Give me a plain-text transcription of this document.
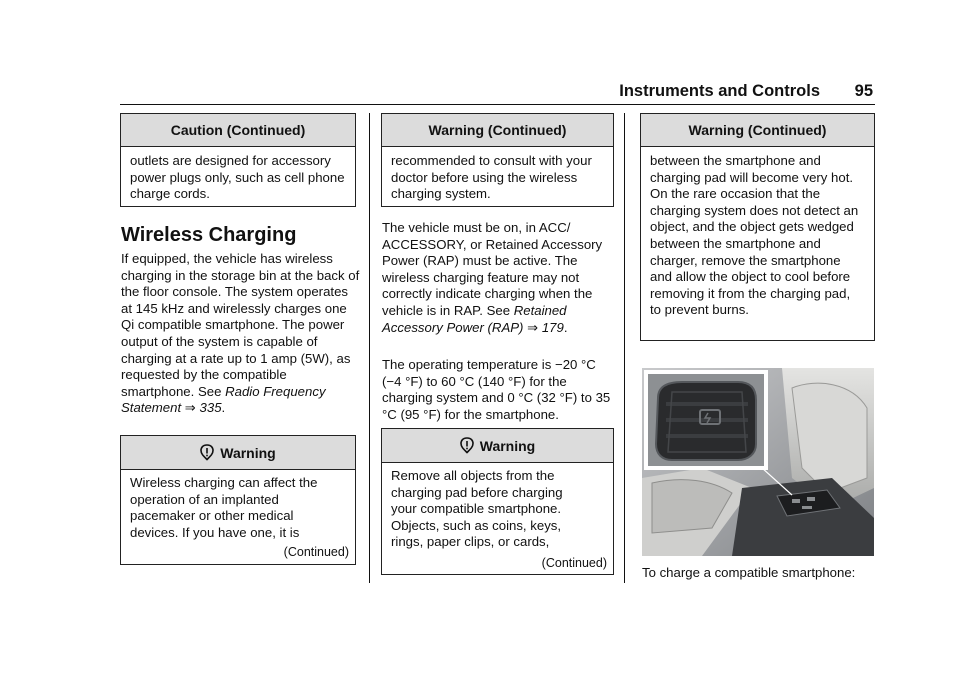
Instruments and Controls 95
Caution (Continued)
outlets are designed for accessory power plugs only, such as cell phone charge cords.
Wireless Charging
If equipped, the vehicle has wireless charging in the storage bin at the back of the floor console. The system operates at 145 kHz and wirelessly charges one Qi compatible smartphone. The power output of the system is capable of charging at a rate up to 1 amp (5W), as requested by the compatible smartphone. See Radio Frequency Statement ⇒ 335.
Warning
Wireless charging can affect the operation of an implanted pacemaker or other medical devices. If you have one, it is
(Continued)
Warning (Continued)
recommended to consult with your doctor before using the wireless charging system.
The vehicle must be on, in ACC/ ACCESSORY, or Retained Accessory Power (RAP) must be active. The wireless charging feature may not correctly indicate charging when the vehicle is in RAP. See Retained Accessory Power (RAP) ⇒ 179.
The operating temperature is −20 °C (−4 °F) to 60 °C (140 °F) for the charging system and 0 °C (32 °F) to 35 °C (95 °F) for the smartphone.
Warning
Remove all objects from the charging pad before charging your compatible smartphone. Objects, such as coins, keys, rings, paper clips, or cards,
(Continued)
Warning (Continued)
between the smartphone and charging pad will become very hot. On the rare occasion that the charging system does not detect an object, and the object gets wedged between the smartphone and charger, remove the smartphone and allow the object to cool before removing it from the charging pad, to prevent burns.
To charge a compatible smartphone:
